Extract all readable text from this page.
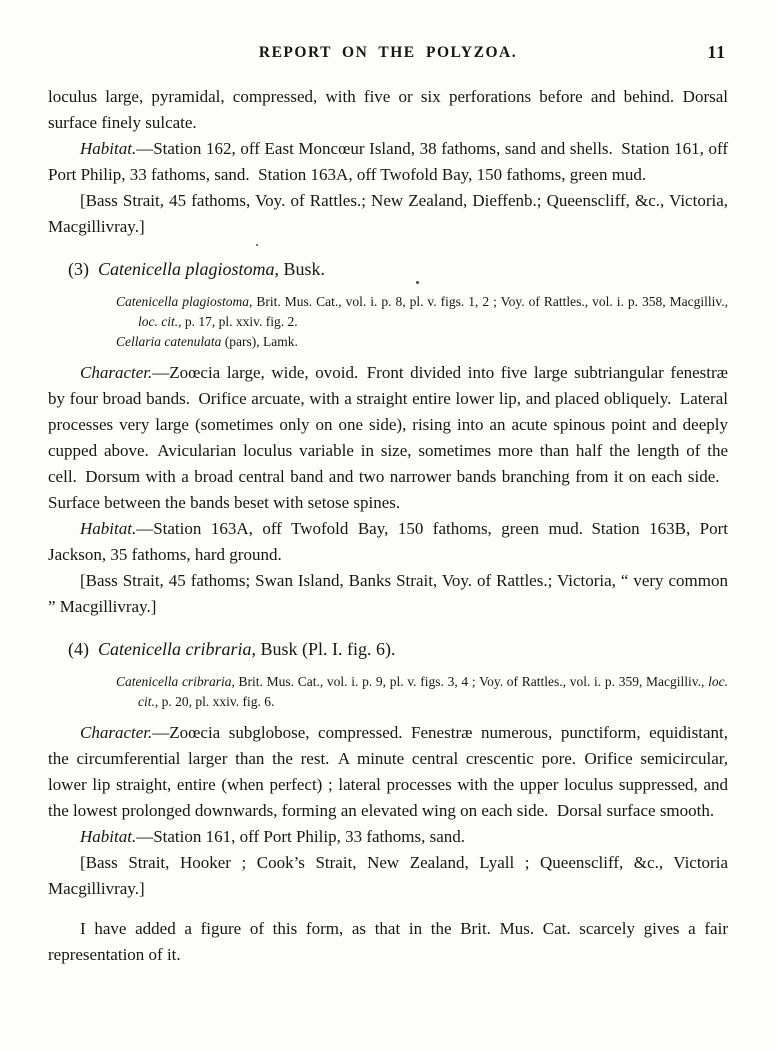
REPORT ON THE POLYZOA.	11

loculus large, pyramidal, compressed, with five or six perforations before and behind. Dorsal surface finely sulcate.

Habitat.—Station 162, off East Moncœur Island, 38 fathoms, sand and shells. Station 161, off Port Philip, 33 fathoms, sand. Station 163A, off Twofold Bay, 150 fathoms, green mud.

[Bass Strait, 45 fathoms, Voy. of Rattles.; New Zealand, Dieffenb.; Queenscliff, &c., Victoria, Macgillivray.]

(3) Catenicella plagiostoma, Busk.

Catenicella plagiostoma, Brit. Mus. Cat., vol. i. p. 8, pl. v. figs. 1, 2 ; Voy. of Rattles., vol. i. p. 358, Macgilliv., loc. cit., p. 17, pl. xxiv. fig. 2.

Cellaria catenulata (pars), Lamk.

Character.—Zoœcia large, wide, ovoid. Front divided into five large subtriangular fenestræ by four broad bands. Orifice arcuate, with a straight entire lower lip, and placed obliquely. Lateral processes very large (sometimes only on one side), rising into an acute spinous point and deeply cupped above. Avicularian loculus variable in size, sometimes more than half the length of the cell. Dorsum with a broad central band and two narrower bands branching from it on each side. Surface between the bands beset with setose spines.

Habitat.—Station 163A, off Twofold Bay, 150 fathoms, green mud. Station 163B, Port Jackson, 35 fathoms, hard ground.

[Bass Strait, 45 fathoms; Swan Island, Banks Strait, Voy. of Rattles.; Victoria, “ very common ” Macgillivray.]

(4) Catenicella cribraria, Busk (Pl. I. fig. 6).

Catenicella cribraria, Brit. Mus. Cat., vol. i. p. 9, pl. v. figs. 3, 4 ; Voy. of Rattles., vol. i. p. 359, Macgilliv., loc. cit., p. 20, pl. xxiv. fig. 6.

Character.—Zoœcia subglobose, compressed. Fenestræ numerous, punctiform, equidistant, the circumferential larger than the rest. A minute central crescentic pore. Orifice semicircular, lower lip straight, entire (when perfect) ; lateral processes with the upper loculus suppressed, and the lowest prolonged downwards, forming an elevated wing on each side. Dorsal surface smooth.

Habitat.—Station 161, off Port Philip, 33 fathoms, sand.

[Bass Strait, Hooker ; Cook’s Strait, New Zealand, Lyall ; Queenscliff, &c., Victoria Macgillivray.]

I have added a figure of this form, as that in the Brit. Mus. Cat. scarcely gives a fair representation of it.
